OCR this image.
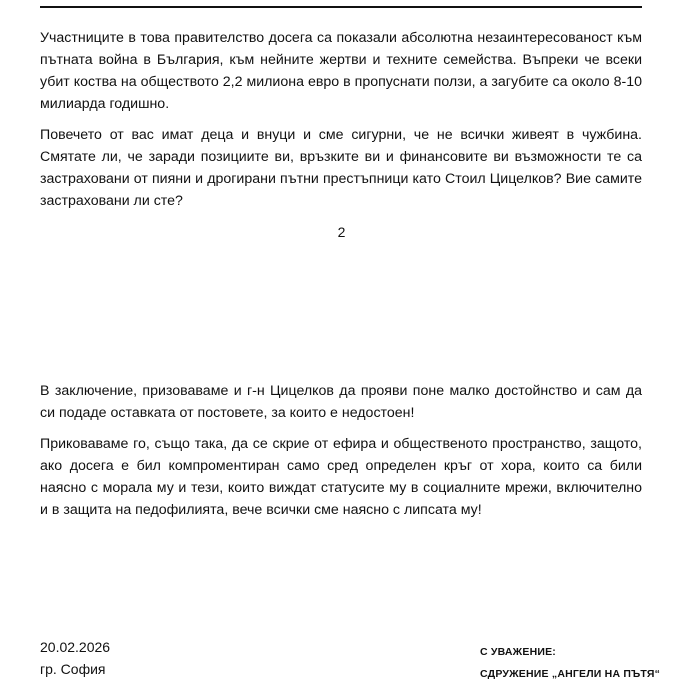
Участниците в това правителство досега са показали абсолютна незаинтересованост към пътната война в България, към нейните жертви и техните семейства. Въпреки че всеки убит коства на обществото 2,2 милиона евро в пропуснати ползи, а загубите са около 8-10 милиарда годишно.

Повечето от вас имат деца и внуци и сме сигурни, че не всички живеят в чужбина. Смятате ли, че заради позициите ви, връзките ви и финансовите ви възможности те са застраховани от пияни и дрогирани пътни престъпници като Стоил Цицелков? Вие самите застраховани ли сте?

2

В заключение, призоваваме и г-н Цицелков да прояви поне малко достойнство и сам да си подаде оставката от постовете, за които е недостоен!

Приковаваме го, също така, да се скрие от ефира и общественото пространство, защото, ако досега е бил компроментиран само сред определен кръг от хора, които са били наясно с морала му и тези, които виждат статусите му в социалните мрежи, включително и в защита на педофилията, вече всички сме наясно с липсата му!

20.02.2026
гр. София
С УВАЖЕНИЕ:
СДРУЖЕНИЕ „АНГЕЛИ НА ПЪТЯ“
